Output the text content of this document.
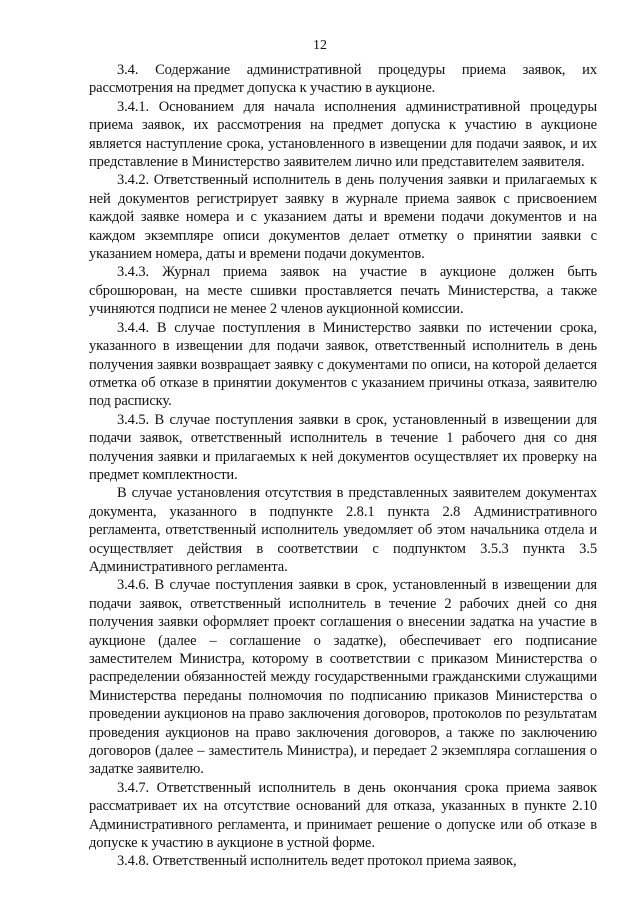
12

3.4. Содержание административной процедуры приема заявок, их рассмотрения на предмет допуска к участию в аукционе.

3.4.1. Основанием для начала исполнения административной процедуры приема заявок, их рассмотрения на предмет допуска к участию в аукционе является наступление срока, установленного в извещении для подачи заявок, и их представление в Министерство заявителем лично или представителем заявителя.

3.4.2. Ответственный исполнитель в день получения заявки и прилагаемых к ней документов регистрирует заявку в журнале приема заявок с присвоением каждой заявке номера и с указанием даты и времени подачи документов и на каждом экземпляре описи документов делает отметку о принятии заявки с указанием номера, даты и времени подачи документов.

3.4.3. Журнал приема заявок на участие в аукционе должен быть сброшюрован, на месте сшивки проставляется печать Министерства, а также учиняются подписи не менее 2 членов аукционной комиссии.

3.4.4. В случае поступления в Министерство заявки по истечении срока, указанного в извещении для подачи заявок, ответственный исполнитель в день получения заявки возвращает заявку с документами по описи, на которой делается отметка об отказе в принятии документов с указанием причины отказа, заявителю под расписку.

3.4.5. В случае поступления заявки в срок, установленный в извещении для подачи заявок, ответственный исполнитель в течение 1 рабочего дня со дня получения заявки и прилагаемых к ней документов осуществляет их проверку на предмет комплектности.

В случае установления отсутствия в представленных заявителем документах документа, указанного в подпункте 2.8.1 пункта 2.8 Административного регламента, ответственный исполнитель уведомляет об этом начальника отдела и осуществляет действия в соответствии с подпунктом 3.5.3 пункта 3.5 Административного регламента.

3.4.6. В случае поступления заявки в срок, установленный в извещении для подачи заявок, ответственный исполнитель в течение 2 рабочих дней со дня получения заявки оформляет проект соглашения о внесении задатка на участие в аукционе (далее – соглашение о задатке), обеспечивает его подписание заместителем Министра, которому в соответствии с приказом Министерства о распределении обязанностей между государственными гражданскими служащими Министерства переданы полномочия по подписанию приказов Министерства о проведении аукционов на право заключения договоров, протоколов по результатам проведения аукционов на право заключения договоров, а также по заключению договоров (далее – заместитель Министра), и передает 2 экземпляра соглашения о задатке заявителю.

3.4.7. Ответственный исполнитель в день окончания срока приема заявок рассматривает их на отсутствие оснований для отказа, указанных в пункте 2.10 Административного регламента, и принимает решение о допуске или об отказе в допуске к участию в аукционе в устной форме.

3.4.8. Ответственный исполнитель ведет протокол приема заявок,
